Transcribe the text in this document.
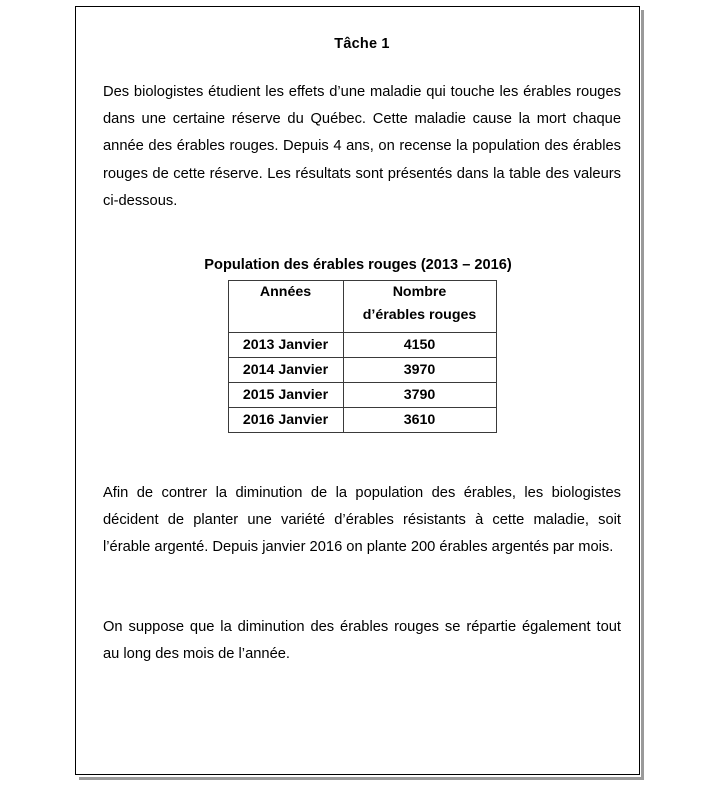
Tâche 1

Des biologistes étudient les effets d’une maladie qui touche les érables rouges dans une certaine réserve du Québec. Cette maladie cause la mort chaque année des érables rouges. Depuis 4 ans, on recense la population des érables rouges de cette réserve. Les résultats sont présentés dans la table des valeurs ci-dessous.

Population des érables rouges (2013 – 2016)
Années	Nombre
d’érables rouges
2013 Janvier	4150
2014 Janvier	3970
2015 Janvier	3790
2016 Janvier	3610

Afin de contrer la diminution de la population des érables, les biologistes décident de planter une variété d’érables résistants à cette maladie, soit l’érable argenté. Depuis janvier 2016 on plante 200 érables argentés par mois.

On suppose que la diminution des érables rouges se répartie également tout au long des mois de l’année.
